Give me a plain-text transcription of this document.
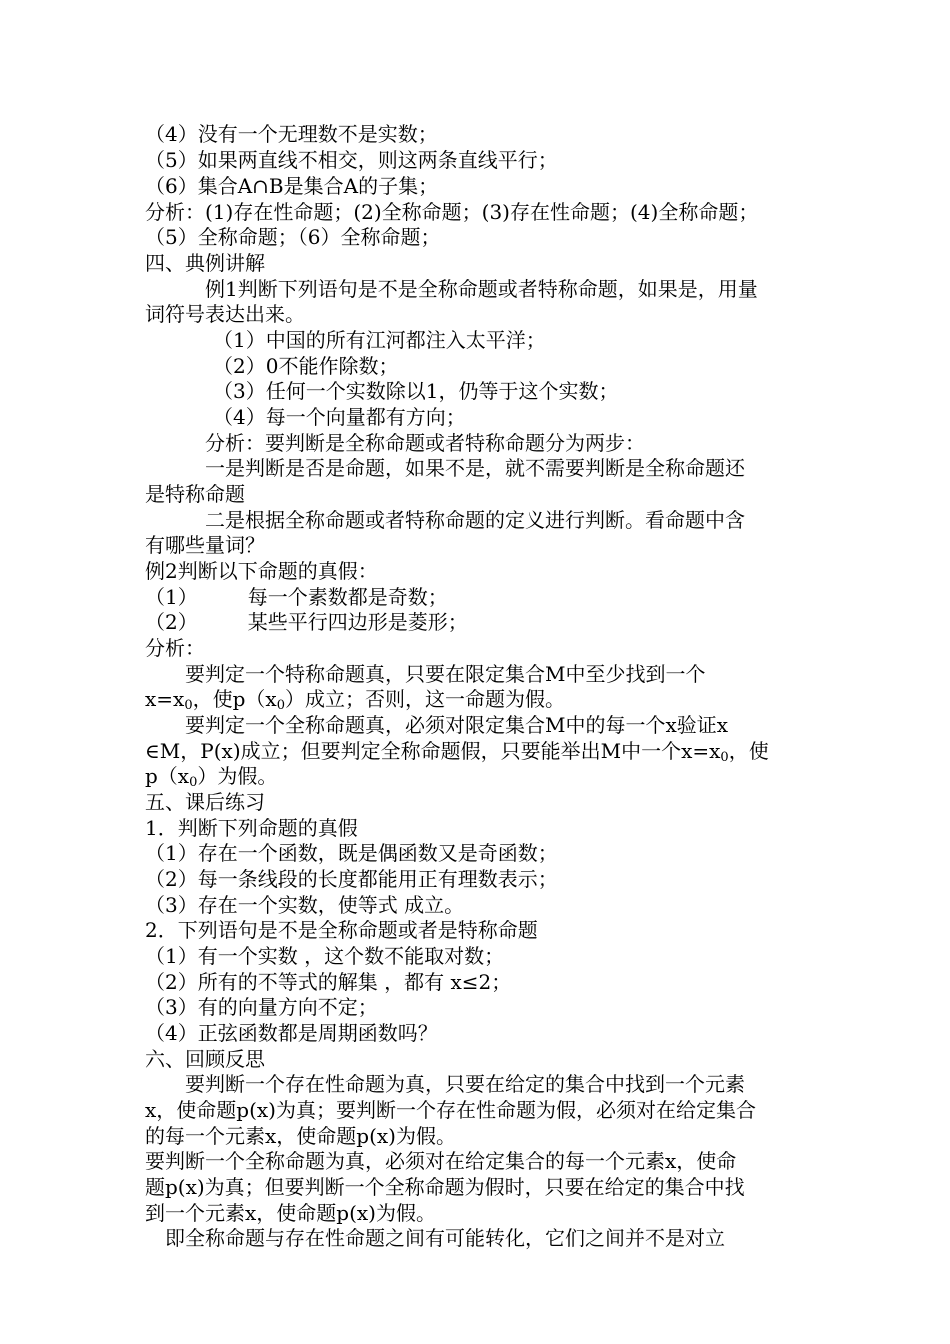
（4）没有一个无理数不是实数；
（5）如果两直线不相交，则这两条直线平行；
（6）集合A∩B是集合A的子集；
分析：(1)存在性命题；(2)全称命题；(3)存在性命题；(4)全称命题；
（5）全称命题；（6）全称命题；
四、典例讲解
例1判断下列语句是不是全称命题或者特称命题，如果是，用量
词符号表达出来。
（1）中国的所有江河都注入太平洋；
（2）0不能作除数；
（3）任何一个实数除以1，仍等于这个实数；
（4）每一个向量都有方向；
分析：要判断是全称命题或者特称命题分为两步：
一是判断是否是命题，如果不是，就不需要判断是全称命题还
是特称命题
二是根据全称命题或者特称命题的定义进行判断。看命题中含
有哪些量词？
例2判断以下命题的真假：
（1）	每一个素数都是奇数；
（2）	某些平行四边形是菱形；
分析：
要判定一个特称命题真，只要在限定集合M中至少找到一个
$x=x_0$，使$p(x_0)$成立；否则，这一命题为假。
要判定一个全称命题真，必须对限定集合M中的每一个x验证x
∈M，P(x)成立；但要判定全称命题假，只要能举出M中一个$x=x_0$，使
$p(x_0)$为假。
五、课后练习
1．判断下列命题的真假
（1）存在一个函数，既是偶函数又是奇函数；
（2）每一条线段的长度都能用正有理数表示；
（3）存在一个实数，使等式 成立。
2．下列语句是不是全称命题或者是特称命题
（1）有一个实数 ，这个数不能取对数；
（2）所有的不等式的解集 ，都有 x≤2；
（3）有的向量方向不定；
（4）正弦函数都是周期函数吗？
六、回顾反思
要判断一个存在性命题为真，只要在给定的集合中找到一个元素
x，使命题p(x)为真；要判断一个存在性命题为假，必须对在给定集合
的每一个元素x，使命题p(x)为假。
要判断一个全称命题为真，必须对在给定集合的每一个元素x，使命
题p(x)为真；但要判断一个全称命题为假时，只要在给定的集合中找
到一个元素x，使命题p(x)为假。
即全称命题与存在性命题之间有可能转化，它们之间并不是对立
